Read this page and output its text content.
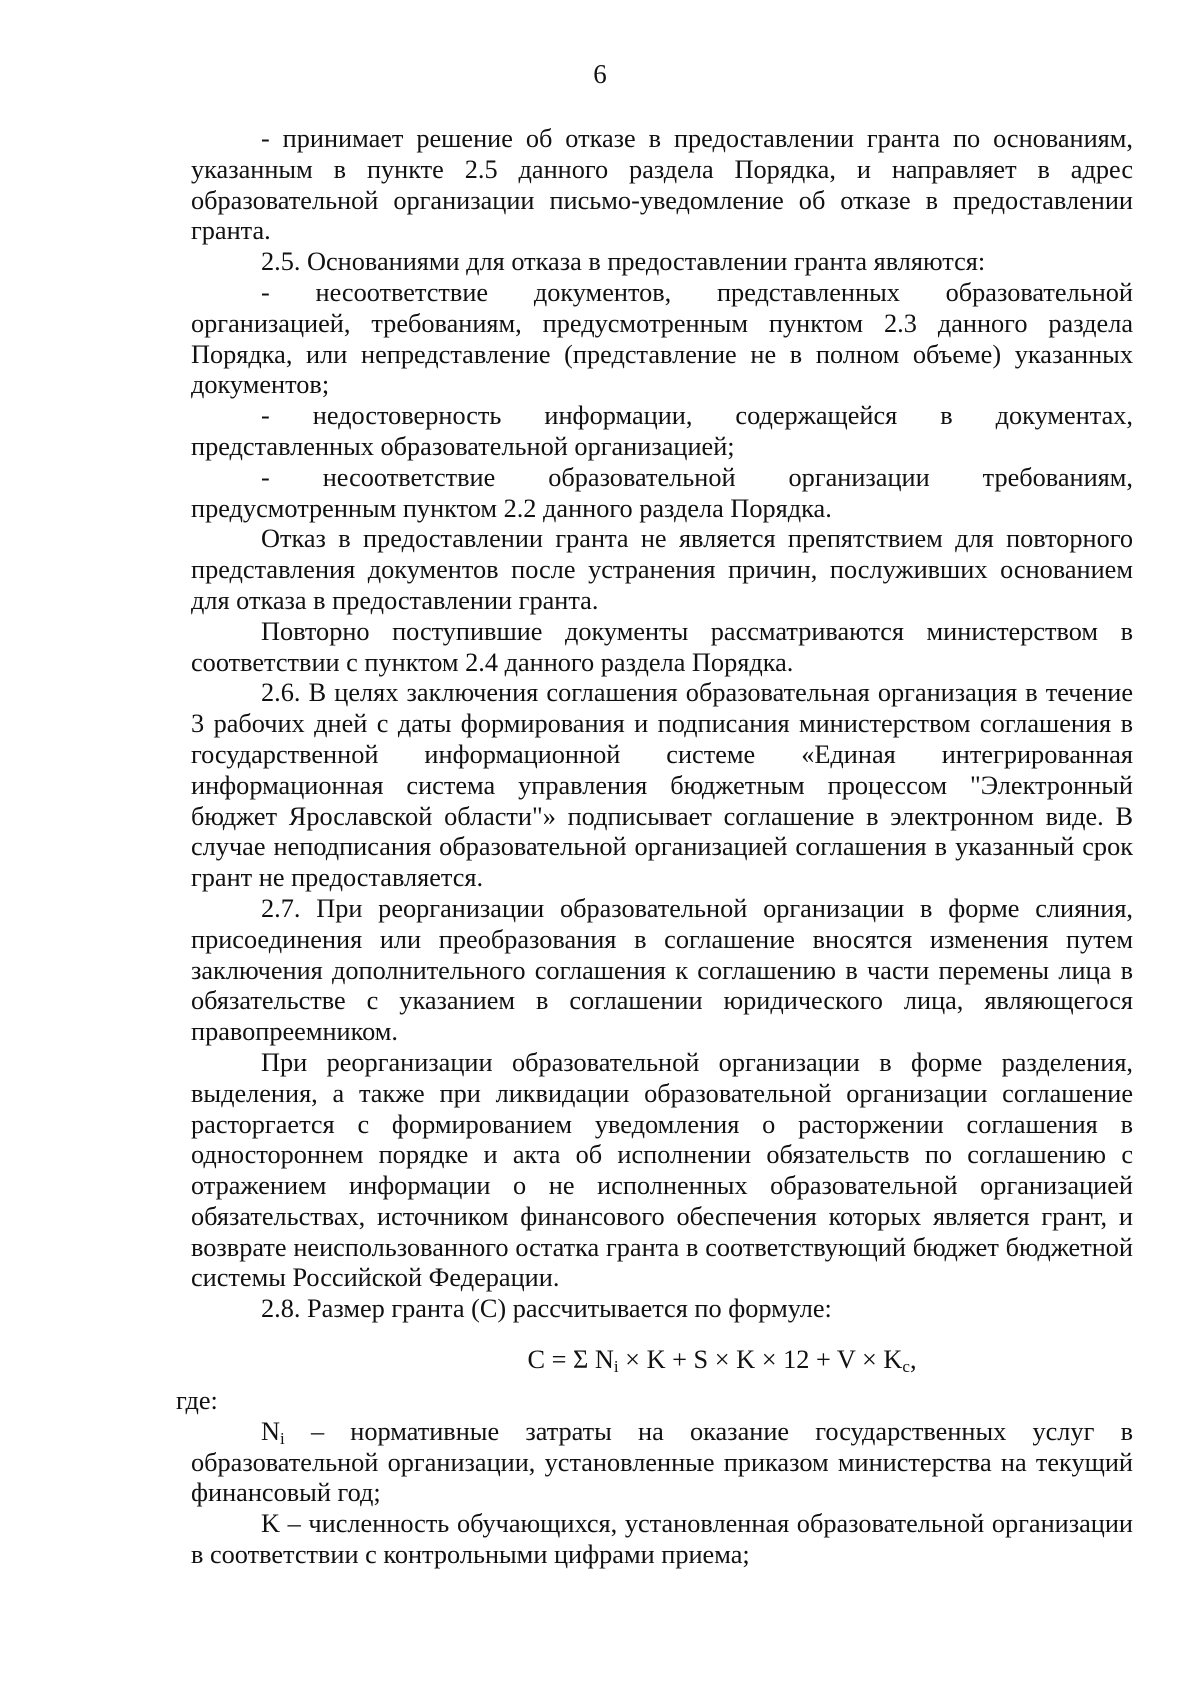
6

- принимает решение об отказе в предоставлении гранта по основаниям, указанным в пункте 2.5 данного раздела Порядка, и направляет в адрес образовательной организации письмо-уведомление об отказе в предоставлении гранта.

2.5. Основаниями для отказа в предоставлении гранта являются:

- несоответствие документов, представленных образовательной организацией, требованиям, предусмотренным пунктом 2.3 данного раздела Порядка, или непредставление (представление не в полном объеме) указанных документов;

- недостоверность информации, содержащейся в документах, представленных образовательной организацией;

- несоответствие образовательной организации требованиям, предусмотренным пунктом 2.2 данного раздела Порядка.

Отказ в предоставлении гранта не является препятствием для повторного представления документов после устранения причин, послуживших основанием для отказа в предоставлении гранта.

Повторно поступившие документы рассматриваются министерством в соответствии с пунктом 2.4 данного раздела Порядка.

2.6. В целях заключения соглашения образовательная организация в течение 3 рабочих дней с даты формирования и подписания министерством соглашения в государственной информационной системе «Единая интегрированная информационная система управления бюджетным процессом "Электронный бюджет Ярославской области"» подписывает соглашение в электронном виде. В случае неподписания образовательной организацией соглашения в указанный срок грант не предоставляется.

2.7. При реорганизации образовательной организации в форме слияния, присоединения или преобразования в соглашение вносятся изменения путем заключения дополнительного соглашения к соглашению в части перемены лица в обязательстве с указанием в соглашении юридического лица, являющегося правопреемником.

При реорганизации образовательной организации в форме разделения, выделения, а также при ликвидации образовательной организации соглашение расторгается с формированием уведомления о расторжении соглашения в одностороннем порядке и акта об исполнении обязательств по соглашению с отражением информации о не исполненных образовательной организацией обязательствах, источником финансового обеспечения которых является грант, и возврате неиспользованного остатка гранта в соответствующий бюджет бюджетной системы Российской Федерации.

2.8. Размер гранта (С) рассчитывается по формуле:

С = Σ $N_i \times K + S \times K \times 12 + V \times K_c$,

где:

$N_i$ – нормативные затраты на оказание государственных услуг в образовательной организации, установленные приказом министерства на текущий финансовый год;

K – численность обучающихся, установленная образовательной организации в соответствии с контрольными цифрами приема;
